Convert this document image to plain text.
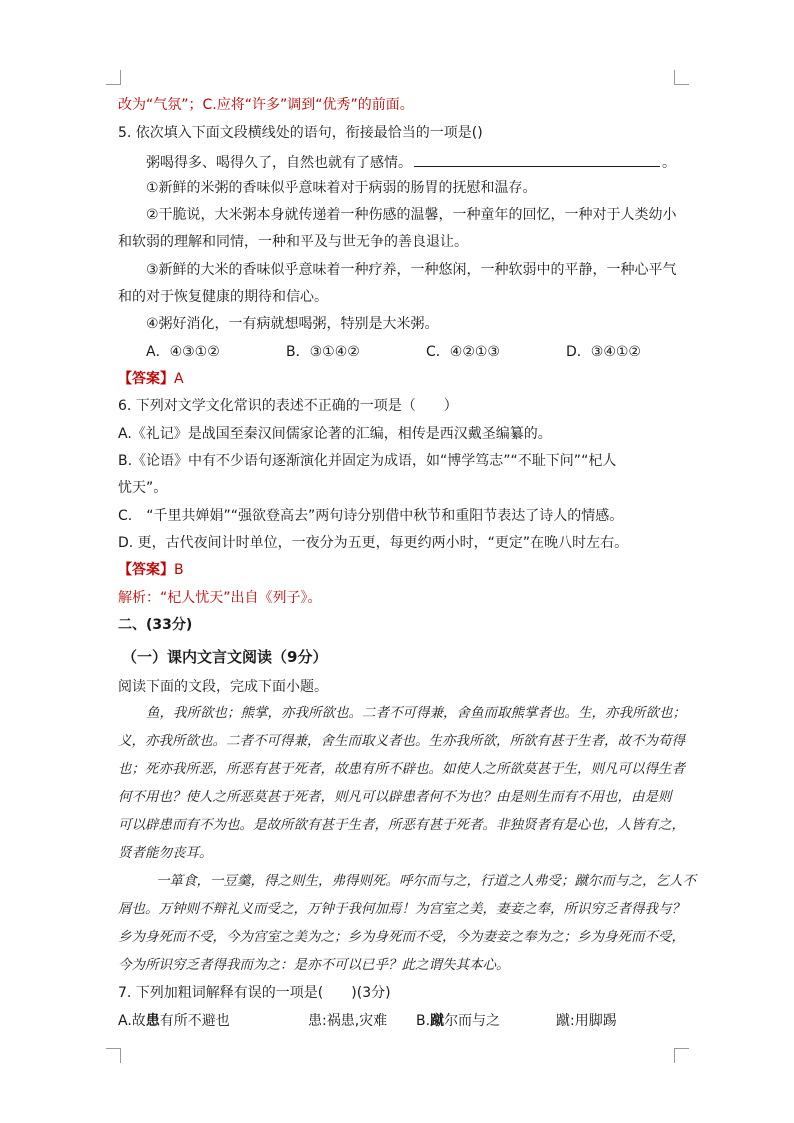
改为“气氛”；C.应将“许多”调到“优秀”的前面。
5. 依次填入下面文段横线处的语句，衔接最恰当的一项是()
粥喝得多、喝得久了，自然也就有了感情。	。
①新鲜的米粥的香味似乎意味着对于病弱的肠胃的抚慰和温存。
②干脆说，大米粥本身就传递着一种伤感的温馨，一种童年的回忆，一种对于人类幼小
和软弱的理解和同情，一种和平及与世无争的善良退让。
③新鲜的大米的香味似乎意味着一种疗养，一种悠闲，一种软弱中的平静，一种心平气
和的对于恢复健康的期待和信心。
④粥好消化，一有病就想喝粥，特别是大米粥。
A．④③①②	B．③①④②	C．④②①③	D．③④①②
【答案】A
6. 下列对文学文化常识的表述不正确的一项是（　　）
A.《礼记》是战国至秦汉间儒家论著的汇编，相传是西汉戴圣编纂的。
B.《论语》中有不少语句逐渐演化并固定为成语，如“博学笃志”“不耻下问”“杞人
忧天”。
C.　“千里共婵娟”“强欲登高去”两句诗分别借中秋节和重阳节表达了诗人的情感。
D. 更，古代夜间计时单位，一夜分为五更，每更约两小时，“更定”在晚八时左右。
【答案】B
解析：“杞人忧天”出自《列子》。
二、(33分)
（一）课内文言文阅读（9分）
阅读下面的文段，完成下面小题。
鱼，我所欲也；熊掌，亦我所欲也。二者不可得兼，舍鱼而取熊掌者也。生，亦我所欲也；
义，亦我所欲也。二者不可得兼，舍生而取义者也。生亦我所欲，所欲有甚于生者，故不为苟得
也；死亦我所恶，所恶有甚于死者，故患有所不辟也。如使人之所欲莫甚于生，则凡可以得生者
何不用也？使人之所恶莫甚于死者，则凡可以辟患者何不为也？由是则生而有不用也，由是则
可以辟患而有不为也。是故所欲有甚于生者，所恶有甚于死者。非独贤者有是心也，人皆有之，
贤者能勿丧耳。
一箪食，一豆羹，得之则生，弗得则死。呼尔而与之，行道之人弗受；蹴尔而与之，乞人不
屑也。万钟则不辩礼义而受之，万钟于我何加焉！为宫室之美，妻妾之奉，所识穷乏者得我与？
乡为身死而不受，今为宫室之美为之；乡为身死而不受，今为妻妾之奉为之；乡为身死而不受，
今为所识穷乏者得我而为之：是亦不可以已乎？此之谓失其本心。
7. 下列加粗词解释有误的一项是(　　)(3分)
A.故患有所不避也	患:祸患,灾难 B.蹴尔而与之	蹴:用脚踢
